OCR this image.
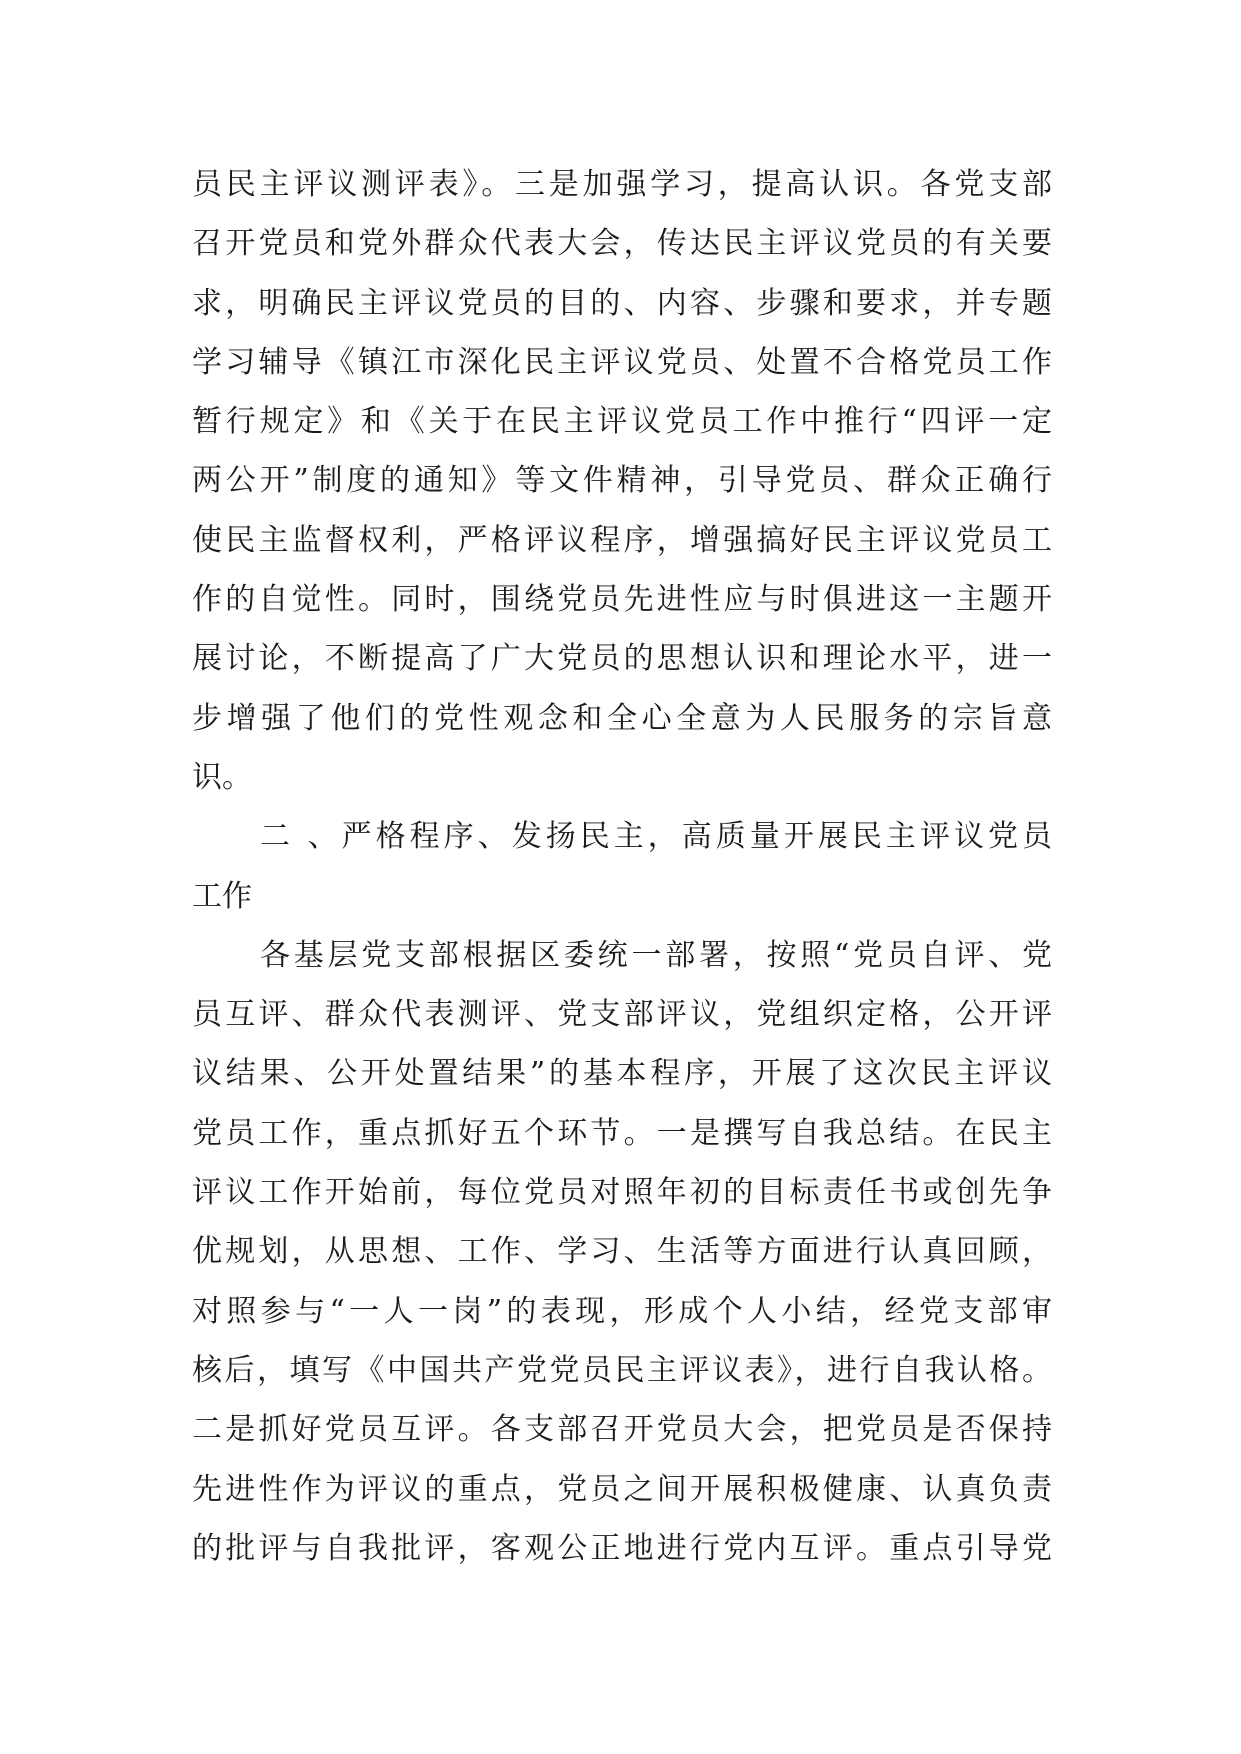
员民主评议测评表》。三是加强学习，提高认识。各党支部
召开党员和党外群众代表大会，传达民主评议党员的有关要
求，明确民主评议党员的目的、内容、步骤和要求，并专题
学习辅导《镇江市深化民主评议党员、处置不合格党员工作
暂行规定》和《关于在民主评议党员工作中推行“四评一定
两公开”制度的通知》等文件精神，引导党员、群众正确行
使民主监督权利，严格评议程序，增强搞好民主评议党员工
作的自觉性。同时，围绕党员先进性应与时俱进这一主题开
展讨论，不断提高了广大党员的思想认识和理论水平，进一
步增强了他们的党性观念和全心全意为人民服务的宗旨意
识。
二 、严格程序、发扬民主，高质量开展民主评议党员
工作
各基层党支部根据区委统一部署，按照“党员自评、党
员互评、群众代表测评、党支部评议，党组织定格，公开评
议结果、公开处置结果”的基本程序，开展了这次民主评议
党员工作，重点抓好五个环节。一是撰写自我总结。在民主
评议工作开始前，每位党员对照年初的目标责任书或创先争
优规划，从思想、工作、学习、生活等方面进行认真回顾，
对照参与“一人一岗”的表现，形成个人小结，经党支部审
核后，填写《中国共产党党员民主评议表》，进行自我认格。
二是抓好党员互评。各支部召开党员大会，把党员是否保持
先进性作为评议的重点，党员之间开展积极健康、认真负责
的批评与自我批评，客观公正地进行党内互评。重点引导党
